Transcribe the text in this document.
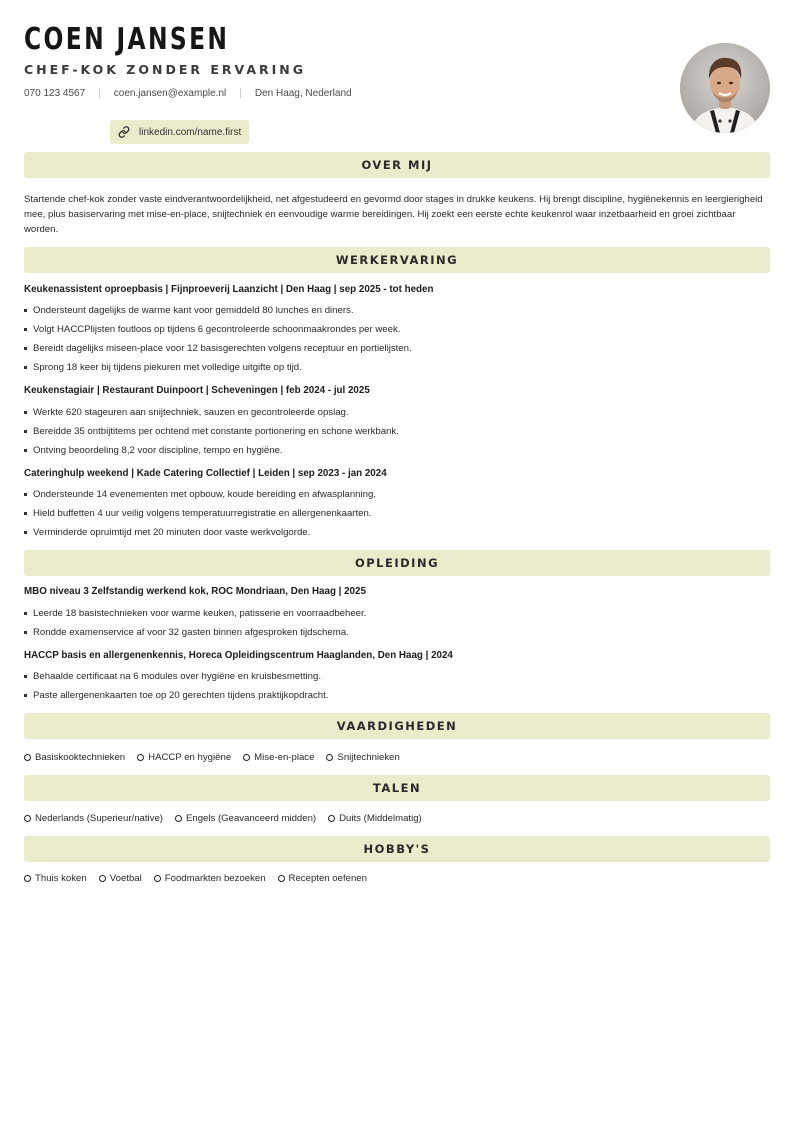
COEN JANSEN
CHEF-KOK ZONDER ERVARING
070 123 4567 | coen.jansen@example.nl | Den Haag, Nederland
linkedin.com/name.first
OVER MIJ
Startende chef-kok zonder vaste eindverantwoordelijkheid, net afgestudeerd en gevormd door stages in drukke keukens. Hij brengt discipline, hygiënekennis en leergierigheid mee, plus basiservaring met mise-en-place, snijtechniek en eenvoudige warme bereidingen. Hij zoekt een eerste echte keukenrol waar inzetbaarheid en groei zichtbaar worden.
WERKERVARING
Keukenassistent oproepbasis | Fijnproeverij Laanzicht | Den Haag | sep 2025 - tot heden
Ondersteunt dagelijks de warme kant voor gemiddeld 80 lunches en diners.
Volgt HACCPlijsten foutloos op tijdens 6 gecontroleerde schoonmaakrondes per week.
Bereidt dagelijks miseen-place voor 12 basisgerechten volgens receptuur en portielijsten.
Sprong 18 keer bij tijdens piekuren met volledige uitgifte op tijd.
Keukenstagiair | Restaurant Duinpoort | Scheveningen | feb 2024 - jul 2025
Werkte 620 stageuren aan snijtechniek, sauzen en gecontroleerde opslag.
Bereidde 35 ontbijtitems per ochtend met constante portionering en schone werkbank.
Ontving beoordeling 8,2 voor discipline, tempo en hygiëne.
Cateringhulp weekend | Kade Catering Collectief | Leiden | sep 2023 - jan 2024
Ondersteunde 14 evenementen met opbouw, koude bereiding en afwasplanning.
Hield buffetten 4 uur veilig volgens temperatuurregistratie en allergenenkaarten.
Verminderde opruimtijd met 20 minuten door vaste werkvolgorde.
OPLEIDING
MBO niveau 3 Zelfstandig werkend kok, ROC Mondriaan, Den Haag | 2025
Leerde 18 basistechnieken voor warme keuken, patisserie en voorraadbeheer.
Rondde examenservice af voor 32 gasten binnen afgesproken tijdschema.
HACCP basis en allergenenkennis, Horeca Opleidingscentrum Haaglanden, Den Haag | 2024
Behaalde certificaat na 6 modules over hygiëne en kruisbesmetting.
Paste allergenenkaarten toe op 20 gerechten tijdens praktijkopdracht.
VAARDIGHEDEN
Basiskooktechnieken HACCP en hygiëne Mise-en-place Snijtechnieken
TALEN
Nederlands (Superieur/native) Engels (Geavanceerd midden) Duits (Middelmatig)
HOBBY'S
Thuis koken Voetbal Foodmarkten bezoeken Recepten oefenen
